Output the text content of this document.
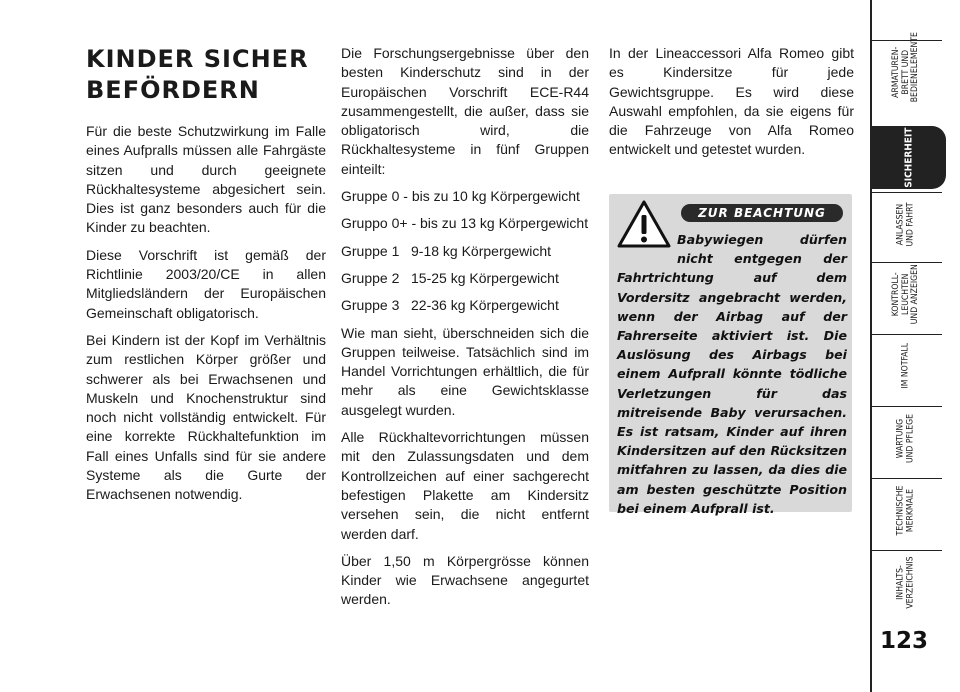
KINDER SICHER
BEFÖRDERN

Für die beste Schutzwirkung im Falle eines Aufpralls müssen alle Fahrgäste sitzen und durch geeignete Rückhaltesysteme abgesichert sein. Dies ist ganz besonders auch für die Kinder zu beachten.

Diese Vorschrift ist gemäß der Richtlinie 2003/20/CE in allen Mitgliedsländern der Europäischen Gemeinschaft obligatorisch.

Bei Kindern ist der Kopf im Verhältnis zum restlichen Körper größer und schwerer als bei Erwachsenen und Muskeln und Knochenstruktur sind noch nicht vollständig entwickelt. Für eine korrekte Rückhaltefunktion im Fall eines Unfalls sind für sie andere Systeme als die Gurte der Erwachsenen notwendig.

Die Forschungsergebnisse über den besten Kinderschutz sind in der Europäischen Vorschrift ECE-R44 zusammengestellt, die außer, dass sie obligatorisch wird, die Rückhaltesysteme in fünf Gruppen einteilt:

Gruppe 0 - bis zu 10 kg Körpergewicht
Gruppo 0+ - bis zu 13 kg Körpergewicht
Gruppe 1 9-18 kg Körpergewicht
Gruppe 2 15-25 kg Körpergewicht
Gruppe 3 22-36 kg Körpergewicht

Wie man sieht, überschneiden sich die Gruppen teilweise. Tatsächlich sind im Handel Vorrichtungen erhältlich, die für mehr als eine Gewichtsklasse ausgelegt wurden.

Alle Rückhaltevorrichtungen müssen mit den Zulassungsdaten und dem Kontrollzeichen auf einer sachgerecht befestigen Plakette am Kindersitz versehen sein, die nicht entfernt werden darf.

Über 1,50 m Körpergrösse können Kinder wie Erwachsene angegurtet werden.

In der Lineaccessori Alfa Romeo gibt es Kindersitze für jede Gewichtsgruppe. Es wird diese Auswahl empfohlen, da sie eigens für die Fahrzeuge von Alfa Romeo entwickelt und getestet wurden.

ZUR BEACHTUNG
Babywiegen dürfen nicht entgegen der Fahrtrichtung auf dem Vordersitz angebracht werden, wenn der Airbag auf der Fahrerseite aktiviert ist. Die Auslösung des Airbags bei einem Aufprall könnte tödliche Verletzungen für das mitreisende Baby verursachen. Es ist ratsam, Kinder auf ihren Kindersitzen auf den Rücksitzen mitfahren zu lassen, da dies die am besten geschützte Position bei einem Aufprall ist.
ARMATUREN-
BRETT UND
BEDIENELEMENTE
SICHERHEIT
ANLASSEN
UND FAHRT
KONTROLL-
LEUCHTEN
UND ANZEIGEN
IM NOTFALL
WARTUNG
UND PFLEGE
TECHNISCHE
MERKMALE
INHALTS-
VERZEICHNIS
123
